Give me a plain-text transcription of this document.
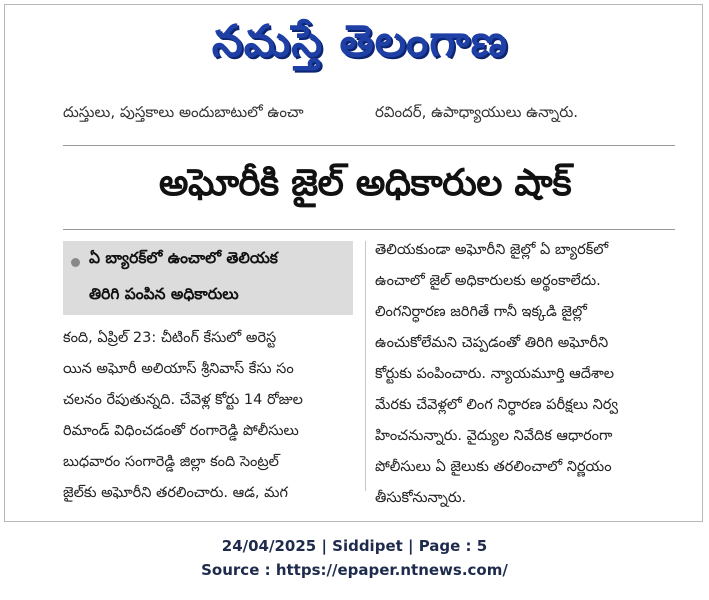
నమస్తే తెలంగాణ
దుస్తులు, పుస్తకాలు అందుబాటులో ఉంచా	రవిందర్, ఉపాధ్యాయులు ఉన్నారు.
అఘోరీకి జైల్ అధికారుల షాక్
ఏ బ్యారక్‌లో ఉంచాలో తెలియక
తిరిగి పంపిన అధికారులు
కంది, ఏప్రిల్ 23: చీటింగ్ కేసులో అరెస్ట
యిన అఘోరీ అలియాస్ శ్రీనివాస్ కేసు సం
చలనం రేపుతున్నది. చేవెళ్ల కోర్టు 14 రోజుల
రిమాండ్ విధించడంతో రంగారెడ్డి పోలీసులు
బుధవారం సంగారెడ్డి జిల్లా కంది సెంట్రల్
జైల్‌కు అఘోరీని తరలించారు. ఆడ, మగ
తెలియకుండా అఘోరీని జైల్లో ఏ బ్యారక్‌లో
ఉంచాలో జైల్ అధికారులకు అర్థంకాలేదు.
లింగనిర్ధారణ జరిగితే గానీ ఇక్కడి జైల్లో
ఉంచుకోలేమని చెప్పడంతో తిరిగి అఘోరీని
కోర్టుకు పంపించారు. న్యాయమూర్తి ఆదేశాల
మేరకు చేవెళ్లలో లింగ నిర్ధారణ పరీక్షలు నిర్వ
హించనున్నారు. వైద్యుల నివేదిక ఆధారంగా
పోలీసులు ఏ జైలుకు తరలించాలో నిర్ణయం
తీసుకోనున్నారు.
24/04/2025 | Siddipet | Page : 5
Source : https://epaper.ntnews.com/
